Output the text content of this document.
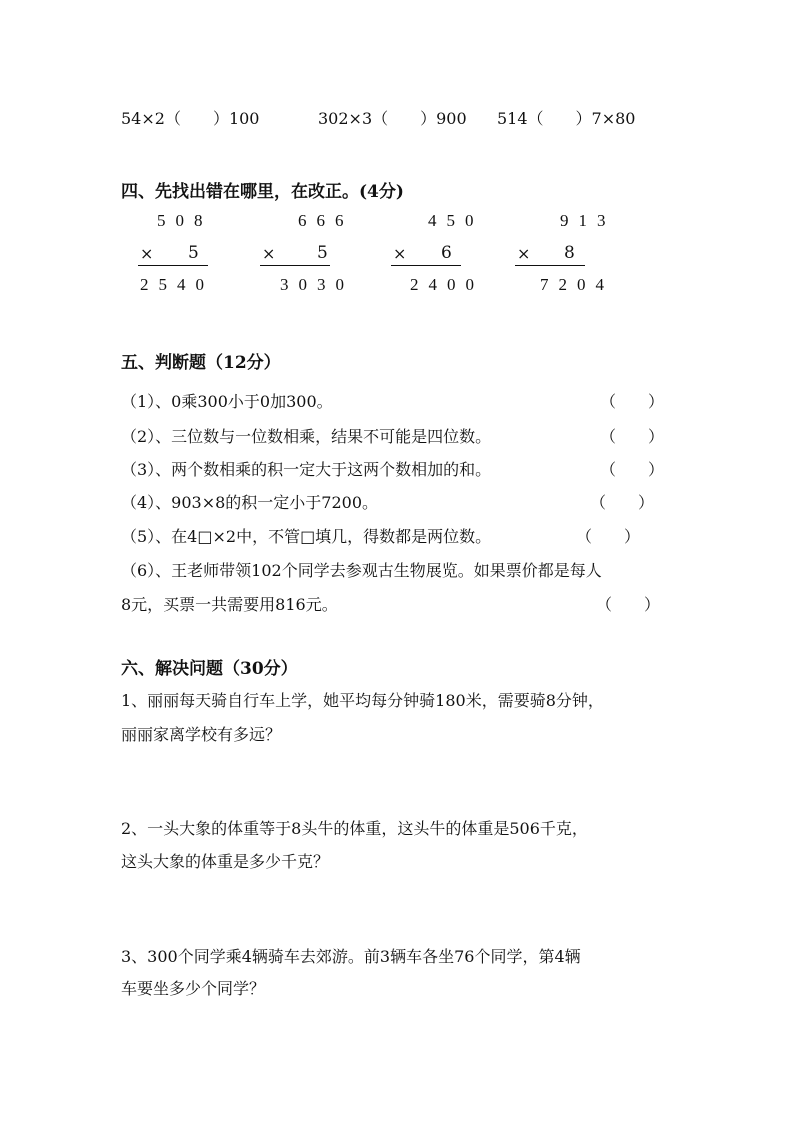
54×2（　　）100	302×3（　　）900 514（　　）7×80
四、先找出错在哪里，在改正。(4分)
508
× 5
2540
666
× 5
3030
450
× 6
2400
913
× 8
7204
五、判断题（12分）
（1）、0乘300小于0加300。	（　　）
（2）、三位数与一位数相乘，结果不可能是四位数。	（　　）
（3）、两个数相乘的积一定大于这两个数相加的和。	（　　）
（4）、903×8的积一定小于7200。	（　　）
（5）、在4□×2中，不管□填几，得数都是两位数。	（　　）
（6）、王老师带领102个同学去参观古生物展览。如果票价都是每人
8元，买票一共需要用816元。	（　　）
六、解决问题（30分）
1、丽丽每天骑自行车上学，她平均每分钟骑180米，需要骑8分钟，
丽丽家离学校有多远？
2、一头大象的体重等于8头牛的体重，这头牛的体重是506千克，
这头大象的体重是多少千克？
3、300个同学乘4辆骑车去郊游。前3辆车各坐76个同学，第4辆
车要坐多少个同学？
